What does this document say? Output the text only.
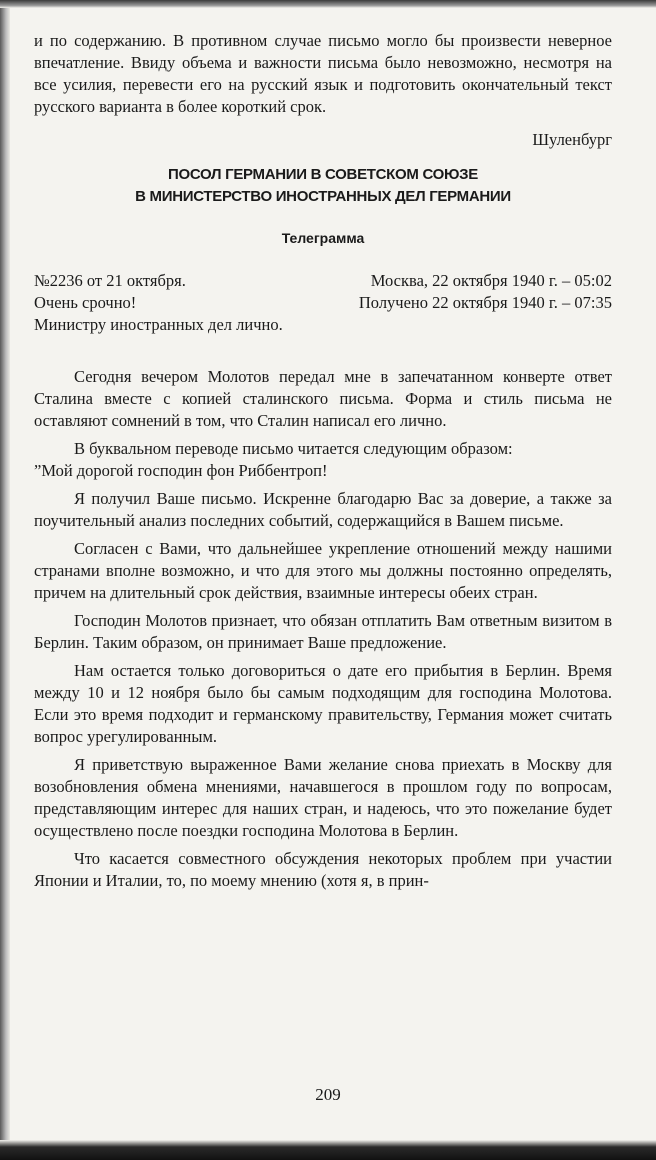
и по содержанию. В противном случае письмо могло бы произвести неверное впечатление. Ввиду объема и важности письма было невозможно, несмотря на все усилия, перевести его на русский язык и подготовить окончательный текст русского варианта в более короткий срок.

Шуленбург
ПОСОЛ ГЕРМАНИИ В СОВЕТСКОМ СОЮЗЕ
В МИНИСТЕРСТВО ИНОСТРАННЫХ ДЕЛ ГЕРМАНИИ
Телеграмма
№2236 от 21 октября.	Москва, 22 октября 1940 г. – 05:02
Очень срочно!	Получено 22 октября 1940 г. – 07:35
Министру иностранных дел лично.

Сегодня вечером Молотов передал мне в запечатанном конверте ответ Сталина вместе с копией сталинского письма. Форма и стиль письма не оставляют сомнений в том, что Сталин написал его лично.

В буквальном переводе письмо читается следующим образом:

”Мой дорогой господин фон Риббентроп!

Я получил Ваше письмо. Искренне благодарю Вас за доверие, а также за поучительный анализ последних событий, содержащийся в Вашем письме.

Согласен с Вами, что дальнейшее укрепление отношений между нашими странами вполне возможно, и что для этого мы должны постоянно определять, причем на длительный срок действия, взаимные интересы обеих стран.

Господин Молотов признает, что обязан отплатить Вам ответным визитом в Берлин. Таким образом, он принимает Ваше предложение.

Нам остается только договориться о дате его прибытия в Берлин. Время между 10 и 12 ноября было бы самым подходящим для господина Молотова. Если это время подходит и германскому правительству, Германия может считать вопрос урегулированным.

Я приветствую выраженное Вами желание снова приехать в Москву для возобновления обмена мнениями, начавшегося в прошлом году по вопросам, представляющим интерес для наших стран, и надеюсь, что это пожелание будет осуществлено после поездки господина Молотова в Берлин.

Что касается совместного обсуждения некоторых проблем при участии Японии и Италии, то, по моему мнению (хотя я, в прин-

209
